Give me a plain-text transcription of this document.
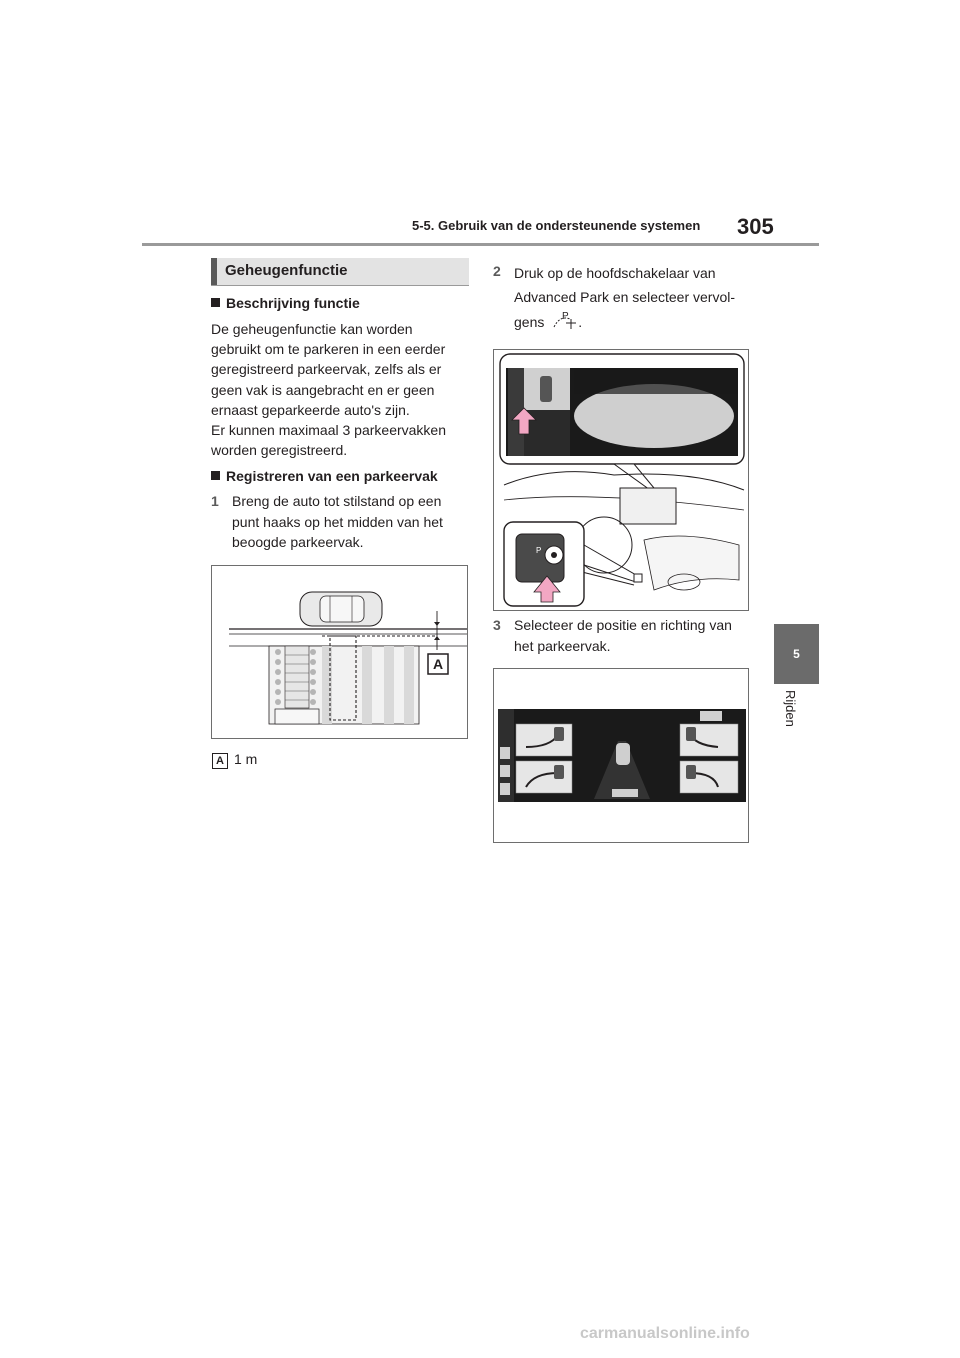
5-5. Gebruik van de ondersteunende systemen 305
5
Rijden
Geheugenfunctie
Beschrijving functie
De geheugenfunctie kan worden
gebruikt om te parkeren in een eerder
geregistreerd parkeervak, zelfs als er
geen vak is aangebracht en er geen
ernaast geparkeerde auto's zijn.
Er kunnen maximaal 3 parkeervakken
worden geregistreerd.
Registreren van een parkeervak
1 Breng de auto tot stilstand op een
punt haaks op het midden van het
beoogde parkeervak.
A
A 1 m
2 Druk op de hoofdschakelaar van
Advanced Park en selecteer vervol-
gens P .
P
3 Selecteer de positie en richting van
het parkeervak.
carmanualsonline.info
